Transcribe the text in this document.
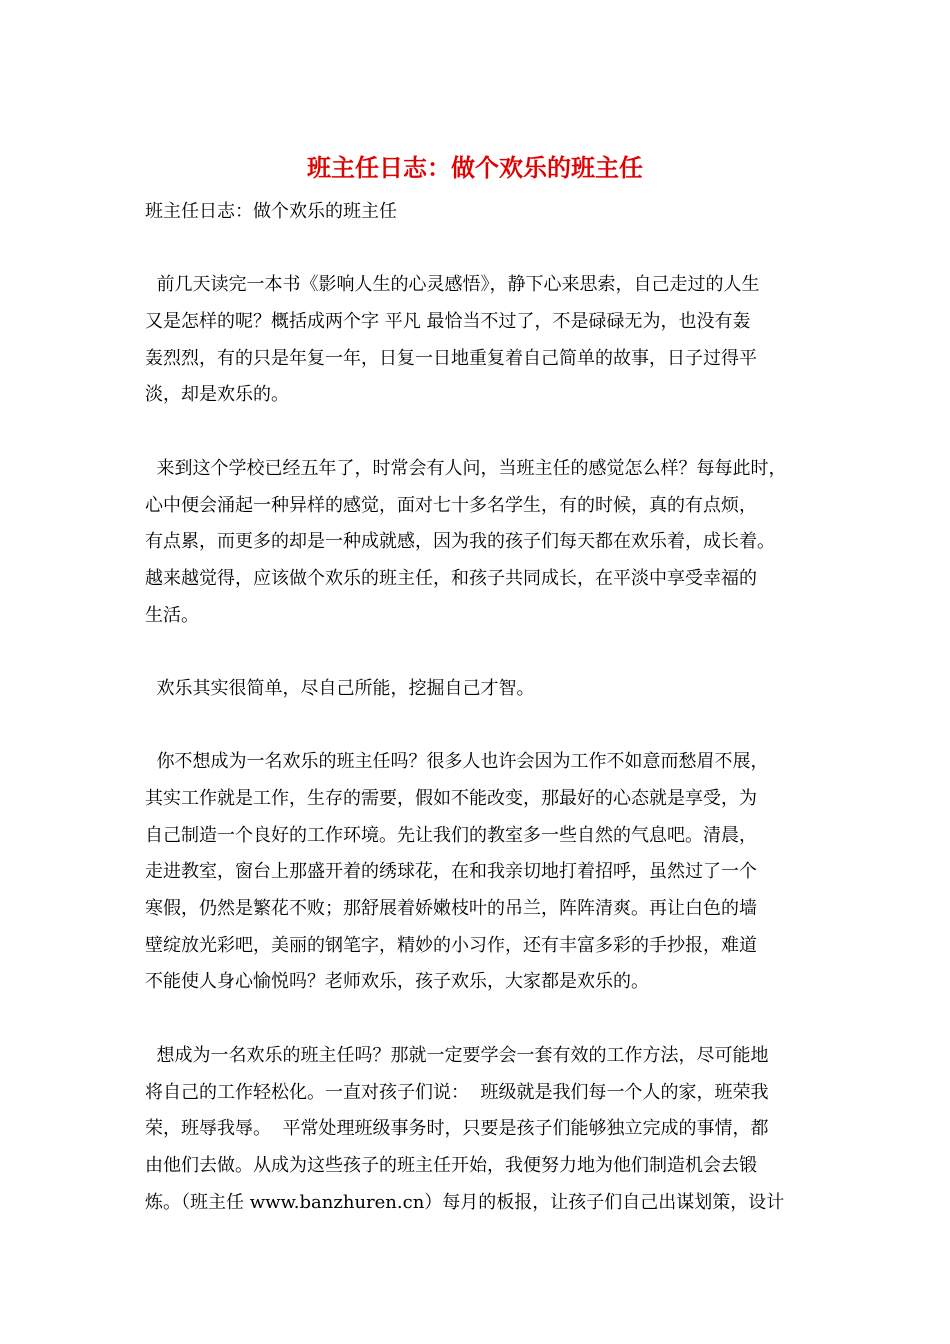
班主任日志：做个欢乐的班主任
班主任日志：做个欢乐的班主任
前几天读完一本书《影响人生的心灵感悟》，静下心来思索，自己走过的人生
又是怎样的呢？概括成两个字 平凡 最恰当不过了，不是碌碌无为，也没有轰
轰烈烈，有的只是年复一年，日复一日地重复着自己简单的故事，日子过得平
淡，却是欢乐的。
来到这个学校已经五年了，时常会有人问，当班主任的感觉怎么样？每每此时，
心中便会涌起一种异样的感觉，面对七十多名学生，有的时候，真的有点烦，
有点累，而更多的却是一种成就感，因为我的孩子们每天都在欢乐着，成长着。
越来越觉得，应该做个欢乐的班主任，和孩子共同成长，在平淡中享受幸福的
生活。
欢乐其实很简单，尽自己所能，挖掘自己才智。
你不想成为一名欢乐的班主任吗？很多人也许会因为工作不如意而愁眉不展，
其实工作就是工作，生存的需要，假如不能改变，那最好的心态就是享受，为
自己制造一个良好的工作环境。先让我们的教室多一些自然的气息吧。清晨，
走进教室，窗台上那盛开着的绣球花，在和我亲切地打着招呼，虽然过了一个
寒假，仍然是繁花不败；那舒展着娇嫩枝叶的吊兰，阵阵清爽。再让白色的墙
壁绽放光彩吧，美丽的钢笔字，精妙的小习作，还有丰富多彩的手抄报，难道
不能使人身心愉悦吗？老师欢乐，孩子欢乐，大家都是欢乐的。
想成为一名欢乐的班主任吗？那就一定要学会一套有效的工作方法，尽可能地
将自己的工作轻松化。一直对孩子们说：  班级就是我们每一个人的家，班荣我
荣，班辱我辱。  平常处理班级事务时，只要是孩子们能够独立完成的事情，都
由他们去做。从成为这些孩子的班主任开始，我便努力地为他们制造机会去锻
炼。（班主任 www.banzhuren.cn）每月的板报，让孩子们自己出谋划策，设计
